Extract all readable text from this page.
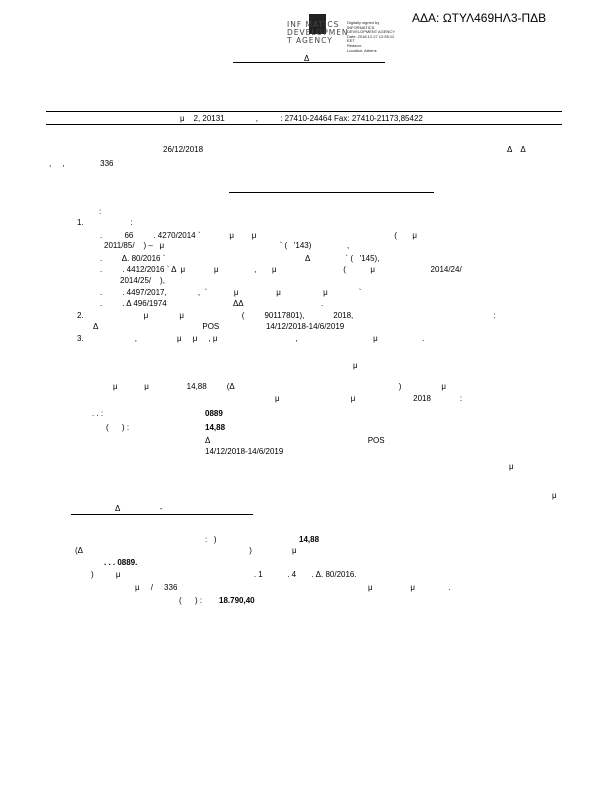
ΑΔΑ: ΩΤΥΛ469ΗΛ3-ΠΔΒ
INF MATICS
DEVELOPMEN
T AGENCY
Digitally signed by
INFORMATICS
DEVELOPMENT AGENCY
Date: 2018.12.27 12:55:12
EET
Reason:
Location: Athens
Δ
μ    2, 20131              ,          : 27410-24464 Fax: 27410-21173,85422
26/12/2018	Δ    Δ
,     ,                336
:
1.                     :
.          66         . 4270/2014 `             μ        μ                                                              (       μ
2011/85/    ) –   μ                                                    ` (   '143)                ,
.         Δ. 80/2016 `                                                               Δ                ` (   '145),
.         . 4412/2016 ` Δ  μ             μ                ,       μ                              (           μ                         2014/24/
2014/25/    ),
.         . 4497/2017,              ,  `            μ                 μ                   μ              `
.         . Δ 496/1974                              ΔΔ                                   .
2.                           μ              μ                          (         90117801),             2018,                                                               :
Δ                                               POS                     14/12/2018-14/6/2019
3.                       ,                  μ     μ     , μ                                   ,                                  μ                    .
μ
μ            μ                 14,88         (Δ                                                                          )                  μ
μ                                μ                          2018             :
. . :	0889
(      ) :	14,88
Δ                                                                       POS
14/12/2018-14/6/2019
μ
μ
Δ                  -
:   )	14,88
(Δ                                                                           )                  μ
. . . 0889.
)          μ                                                            . 1           . 4       . Δ. 80/2016.
μ     /     336	μ                 μ               .
(      ) : 18.790,40
